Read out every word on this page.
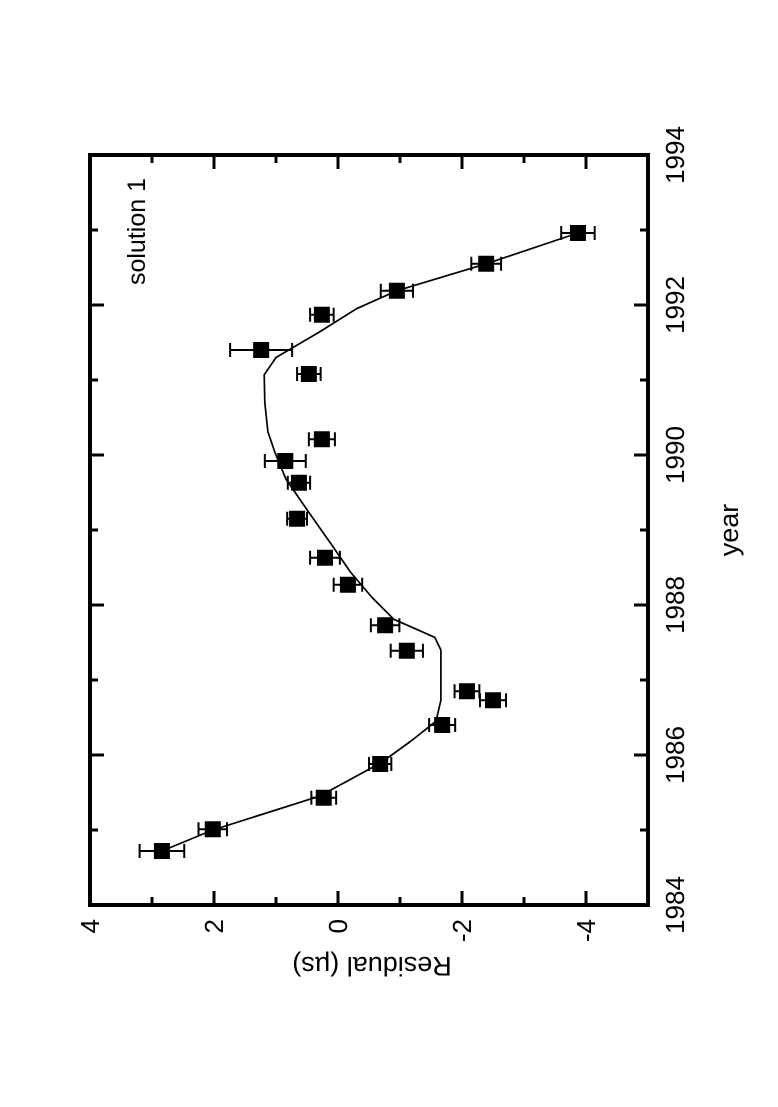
1984
1986
1988
1990
1992
1994
4	2	0	-2	-4
year
Residual (µs)
solution 1
